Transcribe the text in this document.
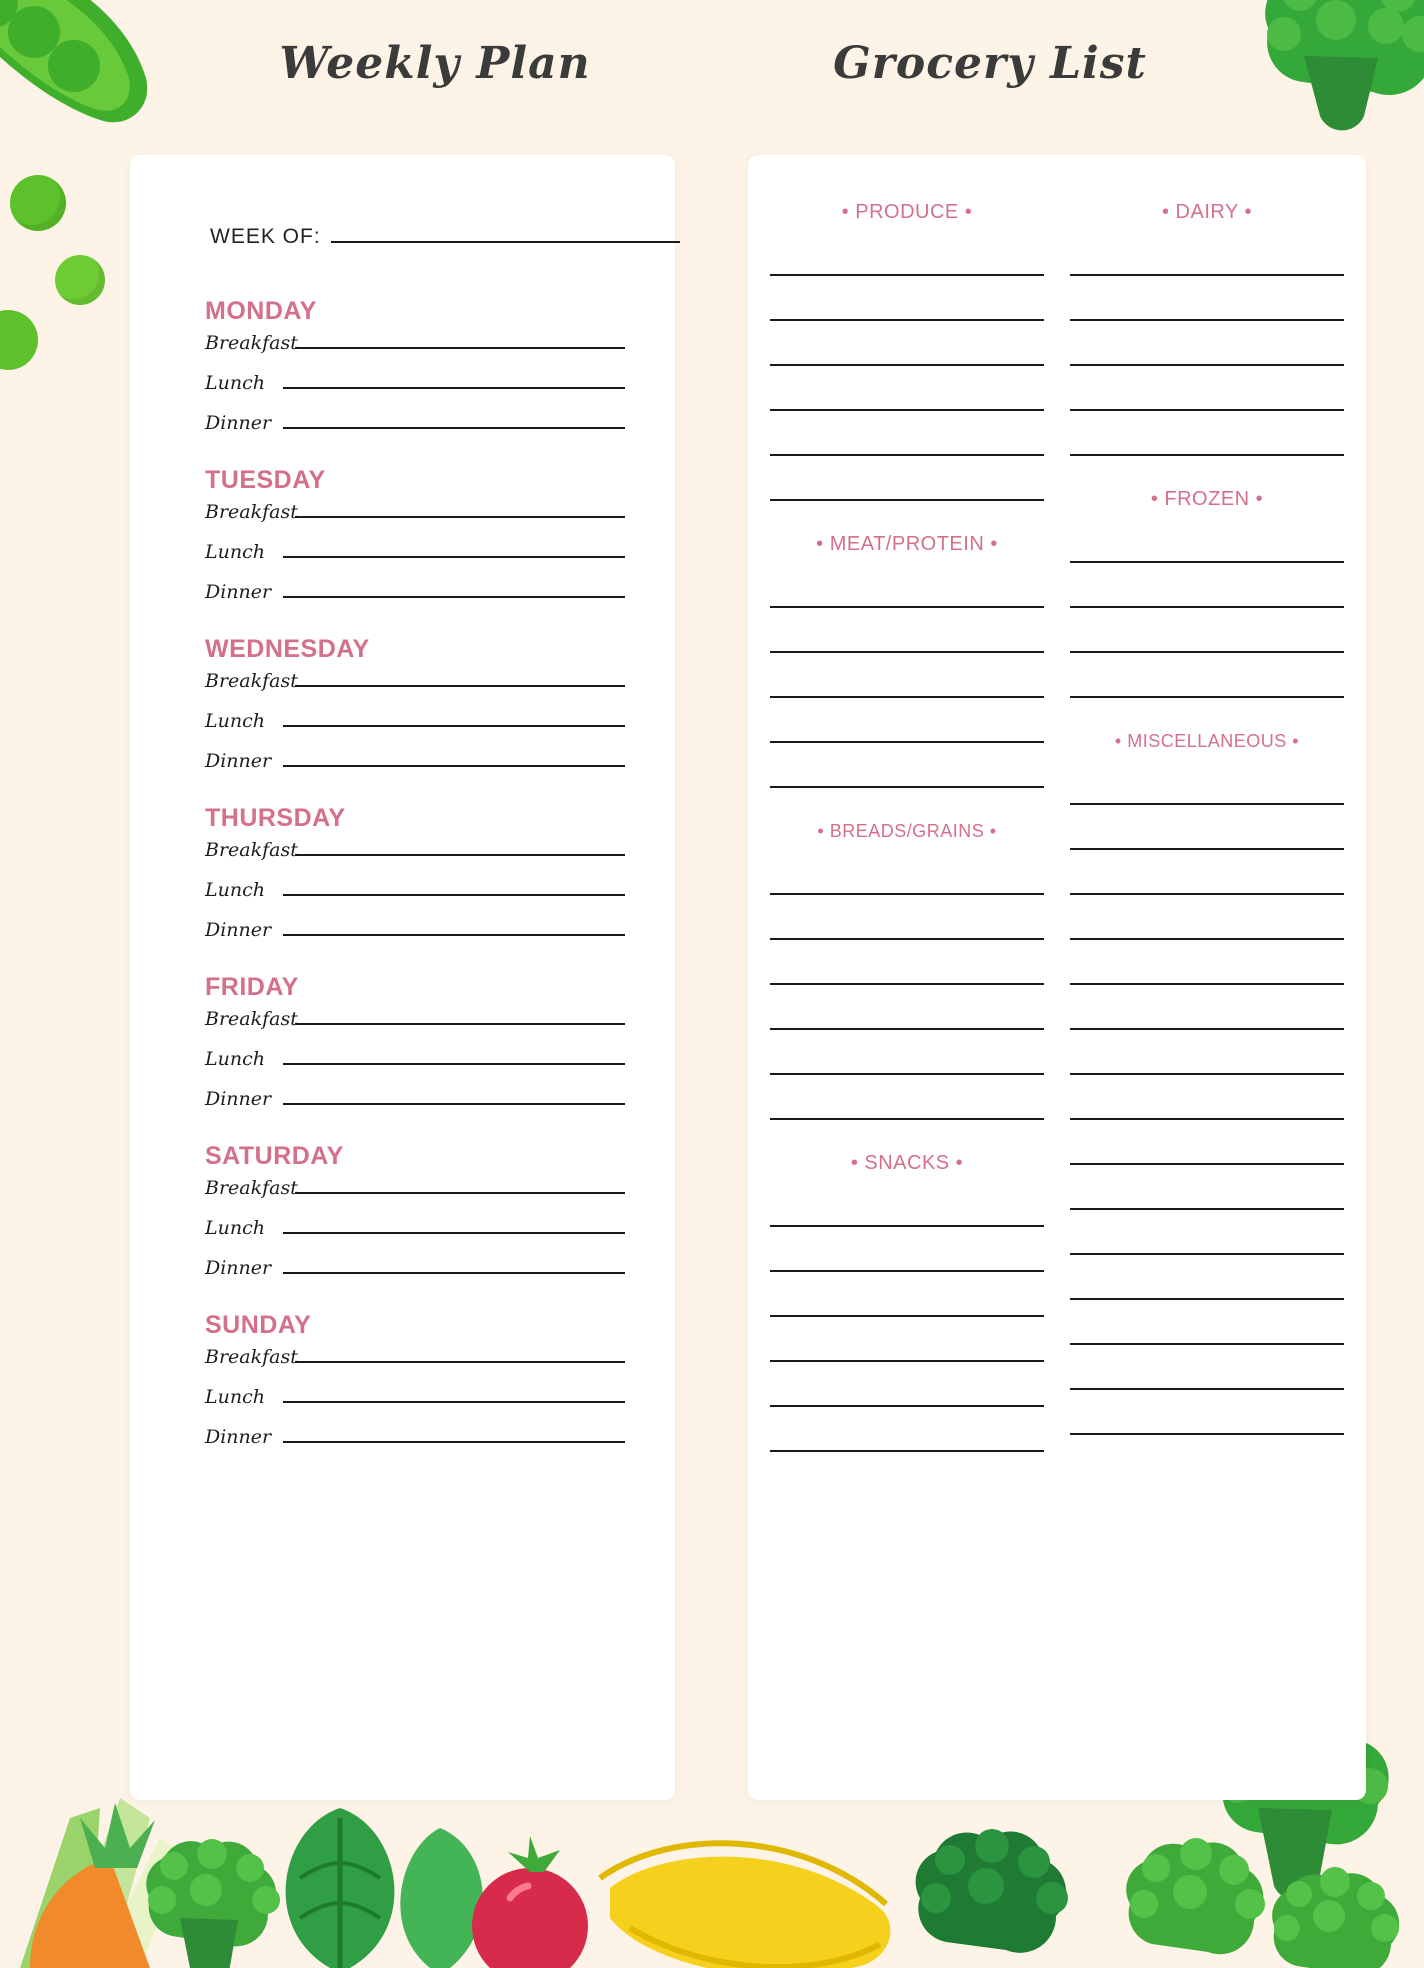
Weekly Plan	Grocery List
WEEK OF:
MONDAY
Breakfast
Lunch
Dinner
TUESDAY
Breakfast
Lunch
Dinner
WEDNESDAY
Breakfast
Lunch
Dinner
THURSDAY
Breakfast
Lunch
Dinner
FRIDAY
Breakfast
Lunch
Dinner
SATURDAY
Breakfast
Lunch
Dinner
SUNDAY
Breakfast
Lunch
Dinner
• PRODUCE •
• MEAT/PROTEIN •
• BREADS/GRAINS •
• SNACKS •
• DAIRY •
• FROZEN •
• MISCELLANEOUS •
